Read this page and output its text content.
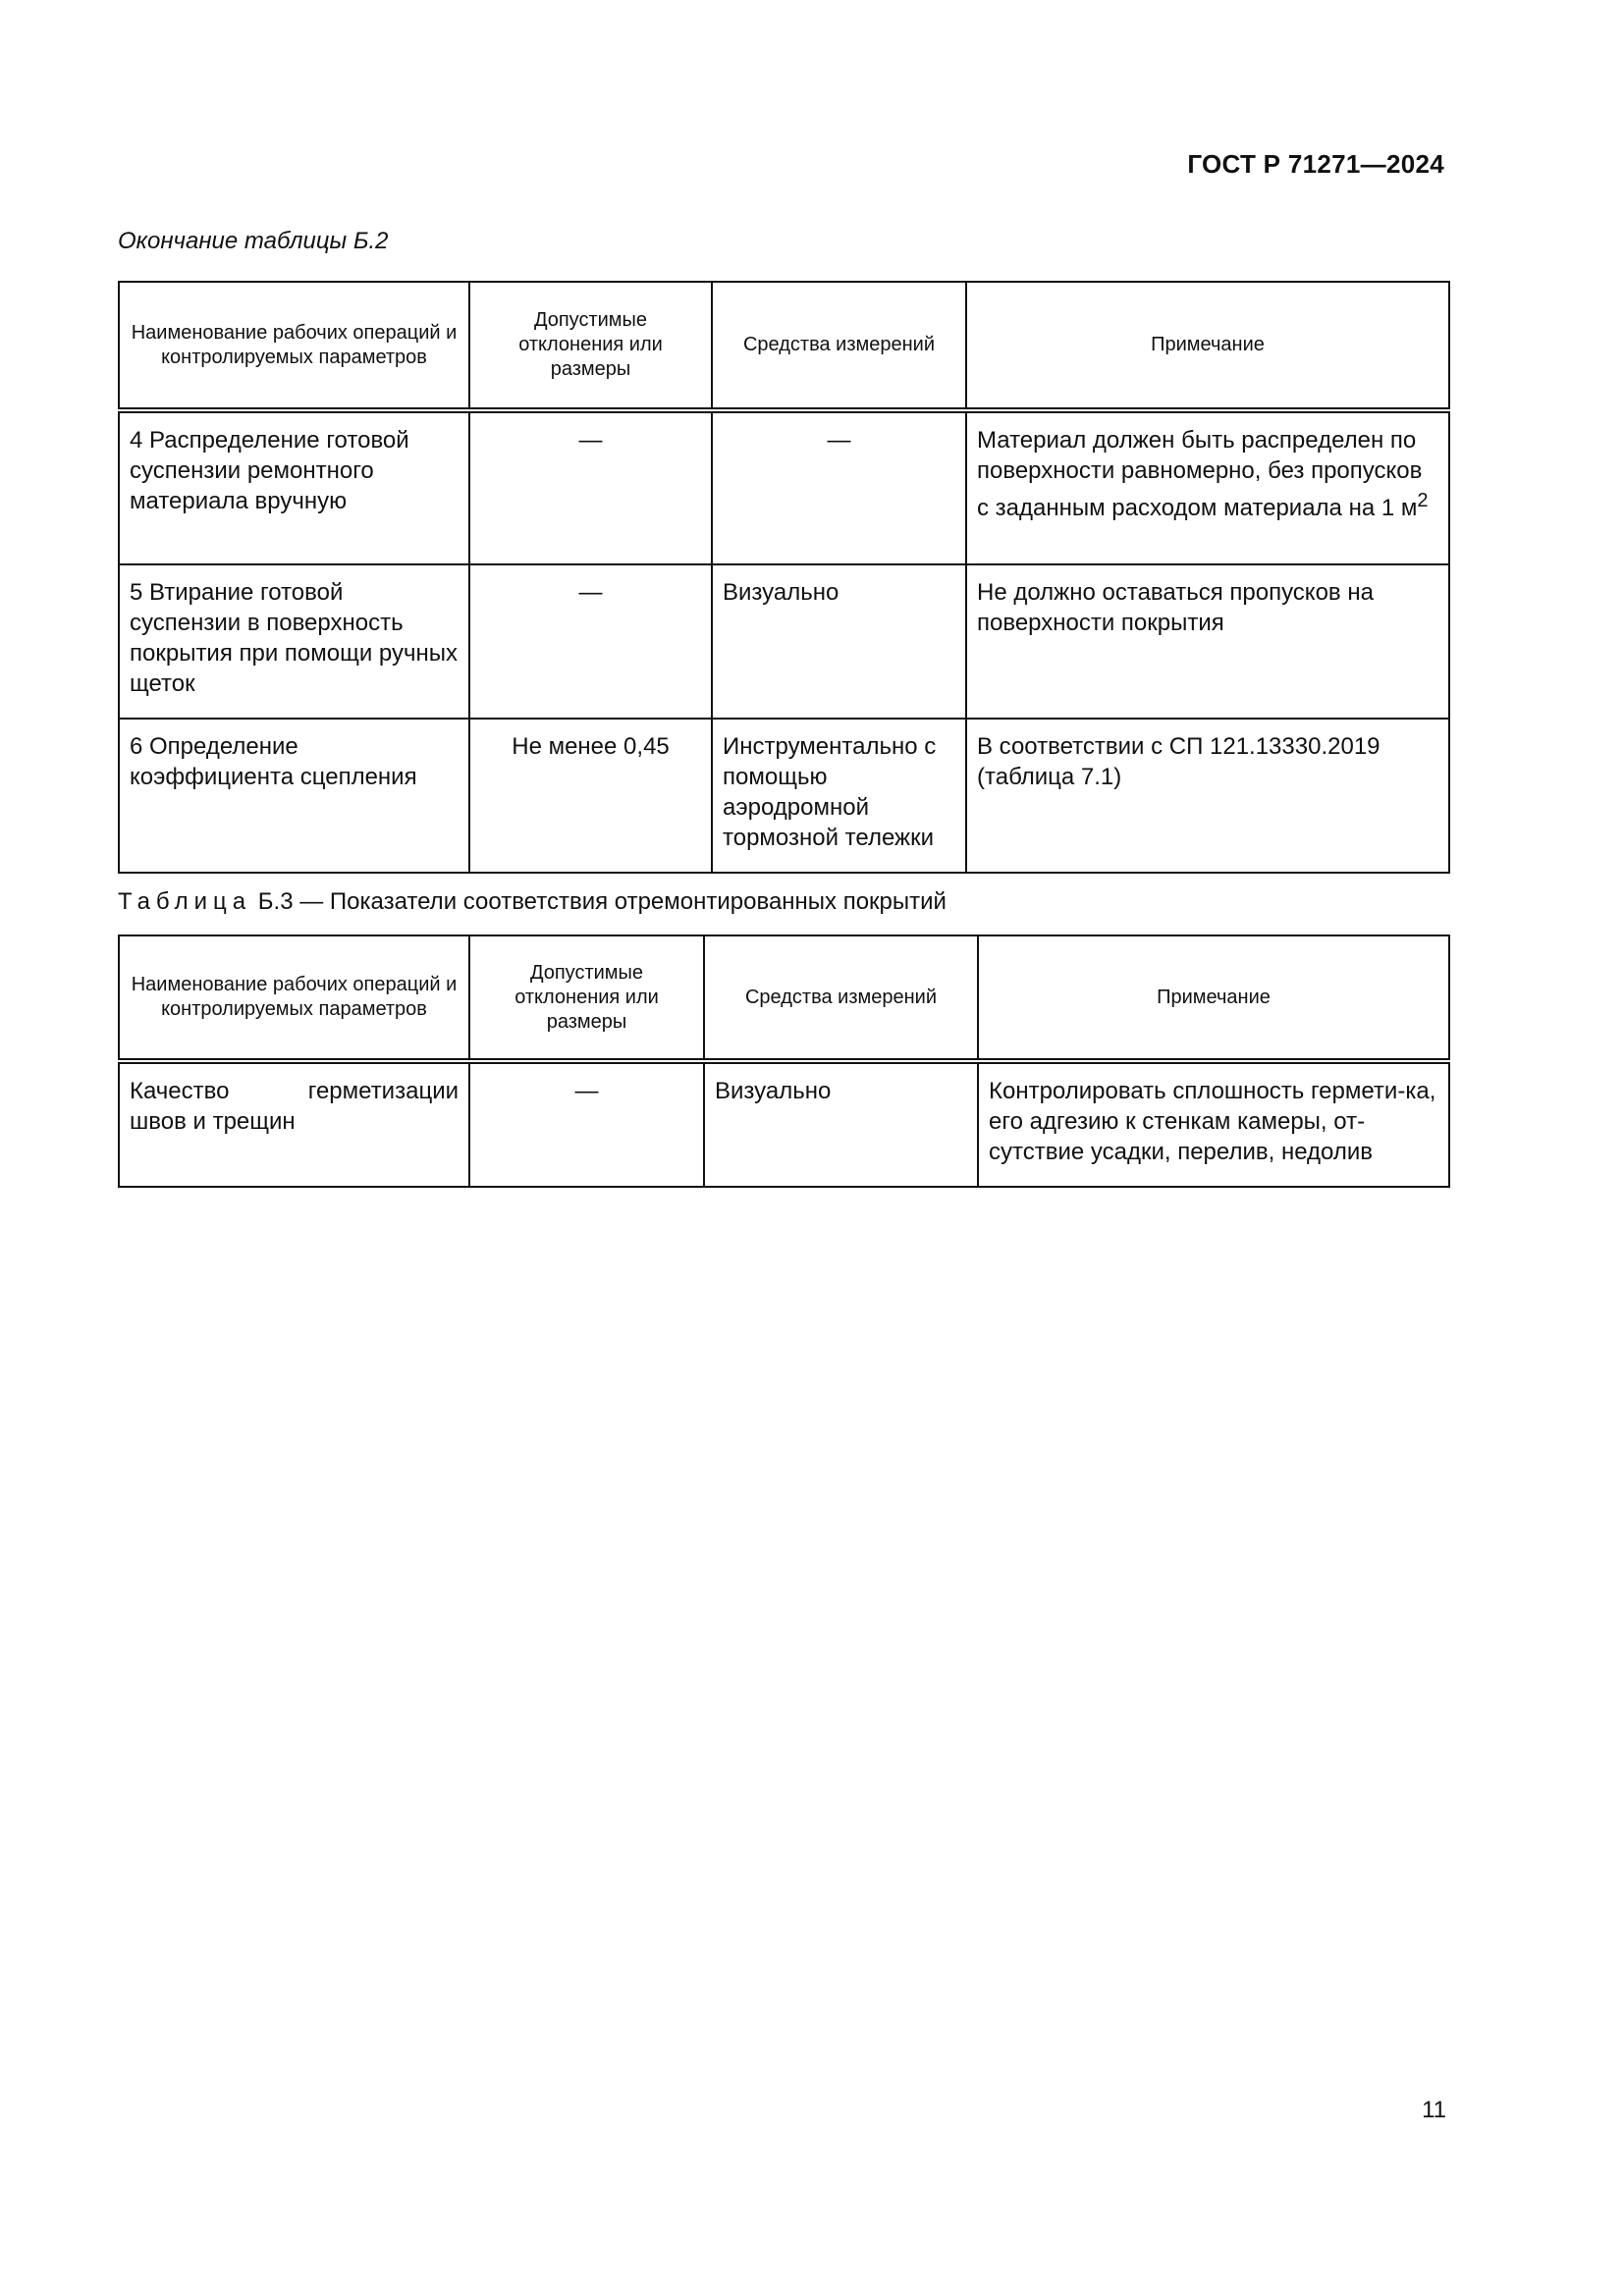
ГОСТ Р 71271—2024
Окончание таблицы Б.2
Наименование рабочих операций и контролируемых параметров	Допустимые отклонения или размеры	Средства измерений	Примечание
4 Распределение готовой суспензии ремонтного материала вручную	—	—	Материал должен быть распределен по поверхности равномерно, без пропусков с заданным расходом материала на 1 $м^2$
5 Втирание готовой суспензии в поверхность покрытия при помощи ручных щеток	—	Визуально	Не должно оставаться пропусков на поверхности покрытия
6 Определение коэффициента сцепления	Не менее 0,45	Инструментально с помощью аэродромной тормозной тележки	В соответствии с СП 121.13330.2019 (таблица 7.1)
Таблица Б.3 — Показатели соответствия отремонтированных покрытий
Наименование рабочих операций и контролируемых параметров	Допустимые отклонения или размеры	Средства измерений	Примечание

Качество герметизации
швов и трещин	—	Визуально	Контролировать сплошность гермети-ка, его адгезию к стенкам камеры, от-сутствие усадки, перелив, недолив
11
